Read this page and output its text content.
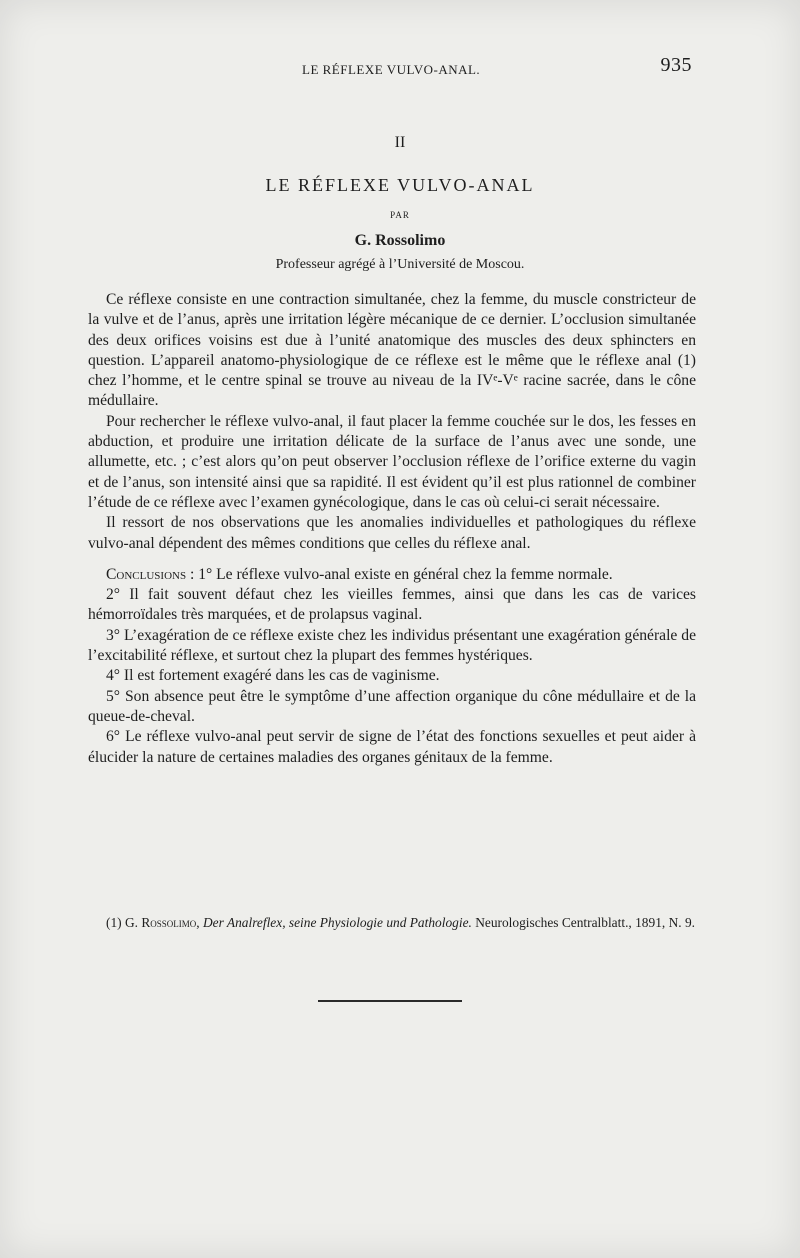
LE RÉFLEXE VULVO-ANAL.	935
II
LE RÉFLEXE VULVO-ANAL
PAR
G. Rossolimo
Professeur agrégé à l’Université de Moscou.

Ce réflexe consiste en une contraction simultanée, chez la femme, du muscle constricteur de la vulve et de l’anus, après une irritation légère mécanique de ce dernier. L’occlusion simultanée des deux orifices voisins est due à l’unité anatomique des muscles des deux sphincters en question. L’appareil anatomo-physiologique de ce réflexe est le même que le réflexe anal (1) chez l’homme, et le centre spinal se trouve au niveau de la IVᵉ-Vᵉ racine sacrée, dans le cône médullaire.

Pour rechercher le réflexe vulvo-anal, il faut placer la femme couchée sur le dos, les fesses en abduction, et produire une irritation délicate de la surface de l’anus avec une sonde, une allumette, etc. ; c’est alors qu’on peut observer l’occlusion réflexe de l’orifice externe du vagin et de l’anus, son intensité ainsi que sa rapidité. Il est évident qu’il est plus rationnel de combiner l’étude de ce réflexe avec l’examen gynécologique, dans le cas où celui-ci serait nécessaire.

Il ressort de nos observations que les anomalies individuelles et pathologiques du réflexe vulvo-anal dépendent des mêmes conditions que celles du réflexe anal.

Conclusions : 1° Le réflexe vulvo-anal existe en général chez la femme normale.

2° Il fait souvent défaut chez les vieilles femmes, ainsi que dans les cas de varices hémorroïdales très marquées, et de prolapsus vaginal.

3° L’exagération de ce réflexe existe chez les individus présentant une exagération générale de l’excitabilité réflexe, et surtout chez la plupart des femmes hystériques.

4° Il est fortement exagéré dans les cas de vaginisme.

5° Son absence peut être le symptôme d’une affection organique du cône médullaire et de la queue-de-cheval.

6° Le réflexe vulvo-anal peut servir de signe de l’état des fonctions sexuelles et peut aider à élucider la nature de certaines maladies des organes génitaux de la femme.

(1) G. Rossolimo, Der Analreflex, seine Physiologie und Pathologie. Neurologisches Centralblatt., 1891, N. 9.
